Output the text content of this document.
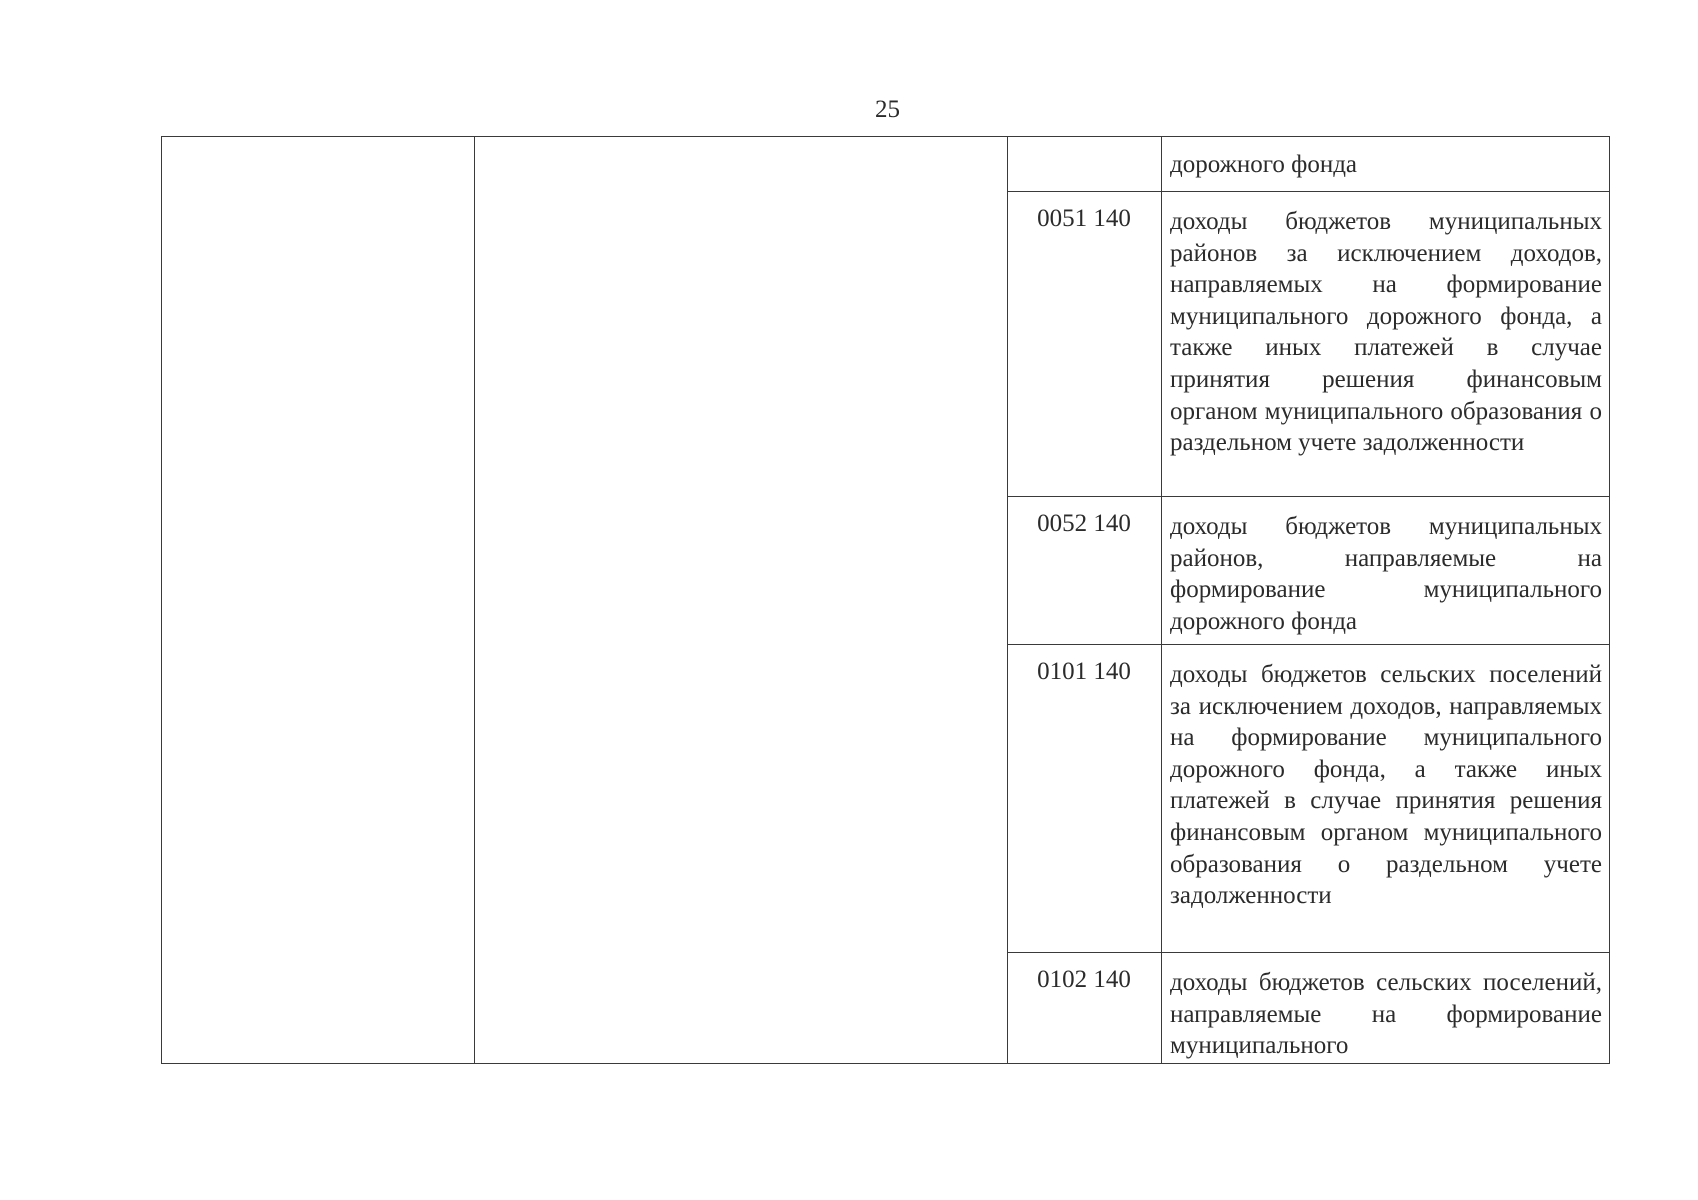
25
дорожного фонда
0051 140	доходы бюджетов муниципальных районов за исключением доходов, направляемых на формирование муниципального дорожного фонда, а также иных платежей в случае принятия решения финансовым органом муниципального образования о раздельном учете задолженности
0052 140	доходы бюджетов муниципальных районов, направляемые на формирование муниципального дорожного фонда
0101 140	доходы бюджетов сельских поселений за исключением доходов, направляемых на формирование муниципального дорожного фонда, а также иных платежей в случае принятия решения финансовым органом муниципального образования о раздельном учете задолженности
0102 140	доходы бюджетов сельских поселений, направляемые на формирование муниципального
